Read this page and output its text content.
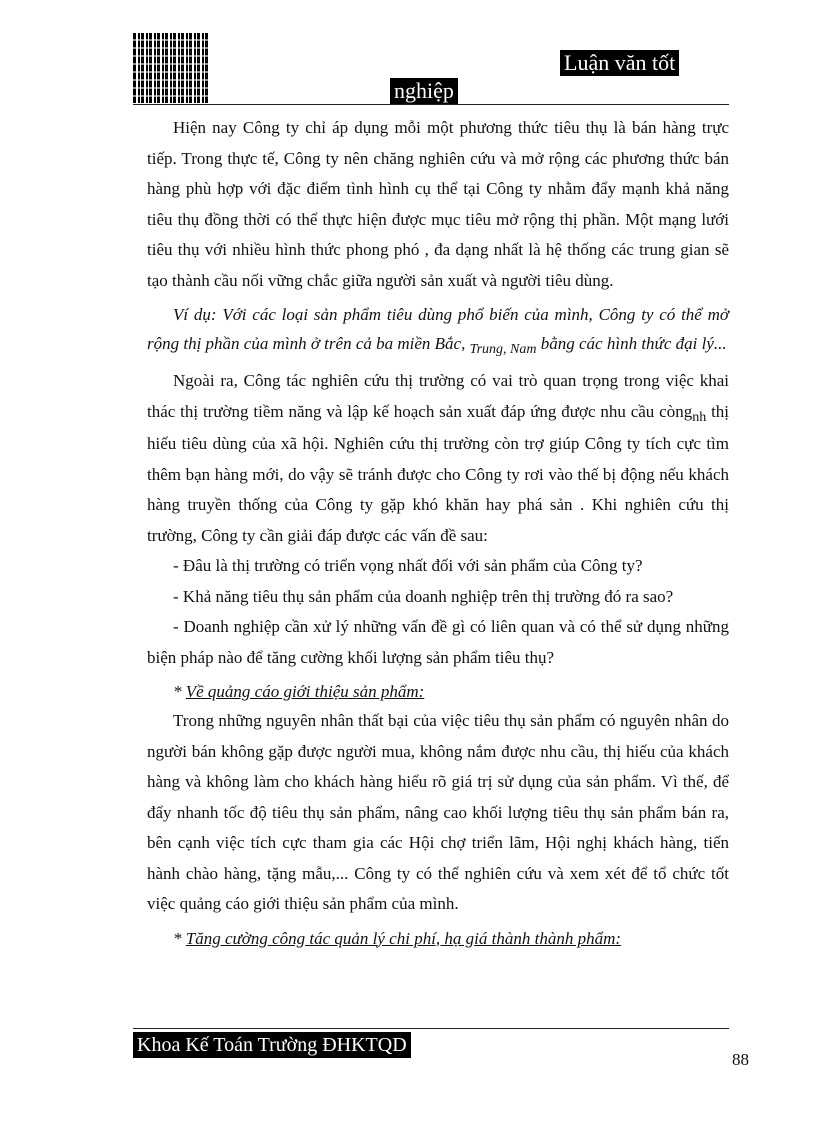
Luận văn tốt
nghiệp

Hiện nay Công ty chỉ áp dụng mỗi một phương thức tiêu thụ là bán hàng trực tiếp. Trong thực tế, Công ty nên chăng nghiên cứu và mở rộng các phương thức bán hàng phù hợp với đặc điểm tình hình cụ thể tại Công ty nhằm đẩy mạnh khả năng tiêu thụ đồng thời có thể thực hiện được mục tiêu mở rộng thị phần. Một mạng lưới tiêu thụ với nhiều hình thức phong phó , đa dạng nhất là hệ thống các trung gian sẽ tạo thành cầu nối vững chắc giữa người sản xuất và người tiêu dùng.

Ví dụ: Với các loại sản phẩm tiêu dùng phổ biến của mình, Công ty có thể mở rộng thị phần của mình ở trên cả ba miền Bắc, $_{Trung, Nam}$ bằng các hình thức đại lý...

Ngoài ra, Công tác nghiên cứu thị trường có vai trò quan trọng trong việc khai thác thị trường tiềm năng và lập kế hoạch sản xuất đáp ứng được nhu cầu còng$_{nh}$ thị hiếu tiêu dùng của xã hội. Nghiên cứu thị trường còn trợ giúp Công ty tích cực tìm thêm bạn hàng mới, do vậy sẽ tránh được cho Công ty rơi vào thế bị động nếu khách hàng truyền thống của Công ty gặp khó khăn hay phá sản . Khi nghiên cứu thị trường, Công ty cần giải đáp được các vấn đề sau:

- Đâu là thị trường có triển vọng nhất đối với sản phẩm của Công ty?

- Khả năng tiêu thụ sản phẩm của doanh nghiệp trên thị trường đó ra sao?

- Doanh nghiệp cần xử lý những vấn đề gì có liên quan và có thể sử dụng những biện pháp nào để tăng cường khối lượng sản phẩm tiêu thụ?

* Về quảng cáo giới thiệu sản phẩm:

Trong những nguyên nhân thất bại của việc tiêu thụ sản phẩm có nguyên nhân do người bán không gặp được người mua, không nắm được nhu cầu, thị hiếu của khách hàng và không làm cho khách hàng hiểu rõ giá trị sử dụng của sản phẩm. Vì thế, để đẩy nhanh tốc độ tiêu thụ sản phẩm, nâng cao khối lượng tiêu thụ sản phẩm bán ra, bên cạnh việc tích cực tham gia các Hội chợ triển lãm, Hội nghị khách hàng, tiến hành chào hàng, tặng mẫu,... Công ty có thể nghiên cứu và xem xét để tổ chức tốt việc quảng cáo giới thiệu sản phẩm của mình.

* Tăng cường công tác quản lý chi phí, hạ giá thành thành phẩm:

Khoa Kế Toán Trường ĐHKTQD
88
